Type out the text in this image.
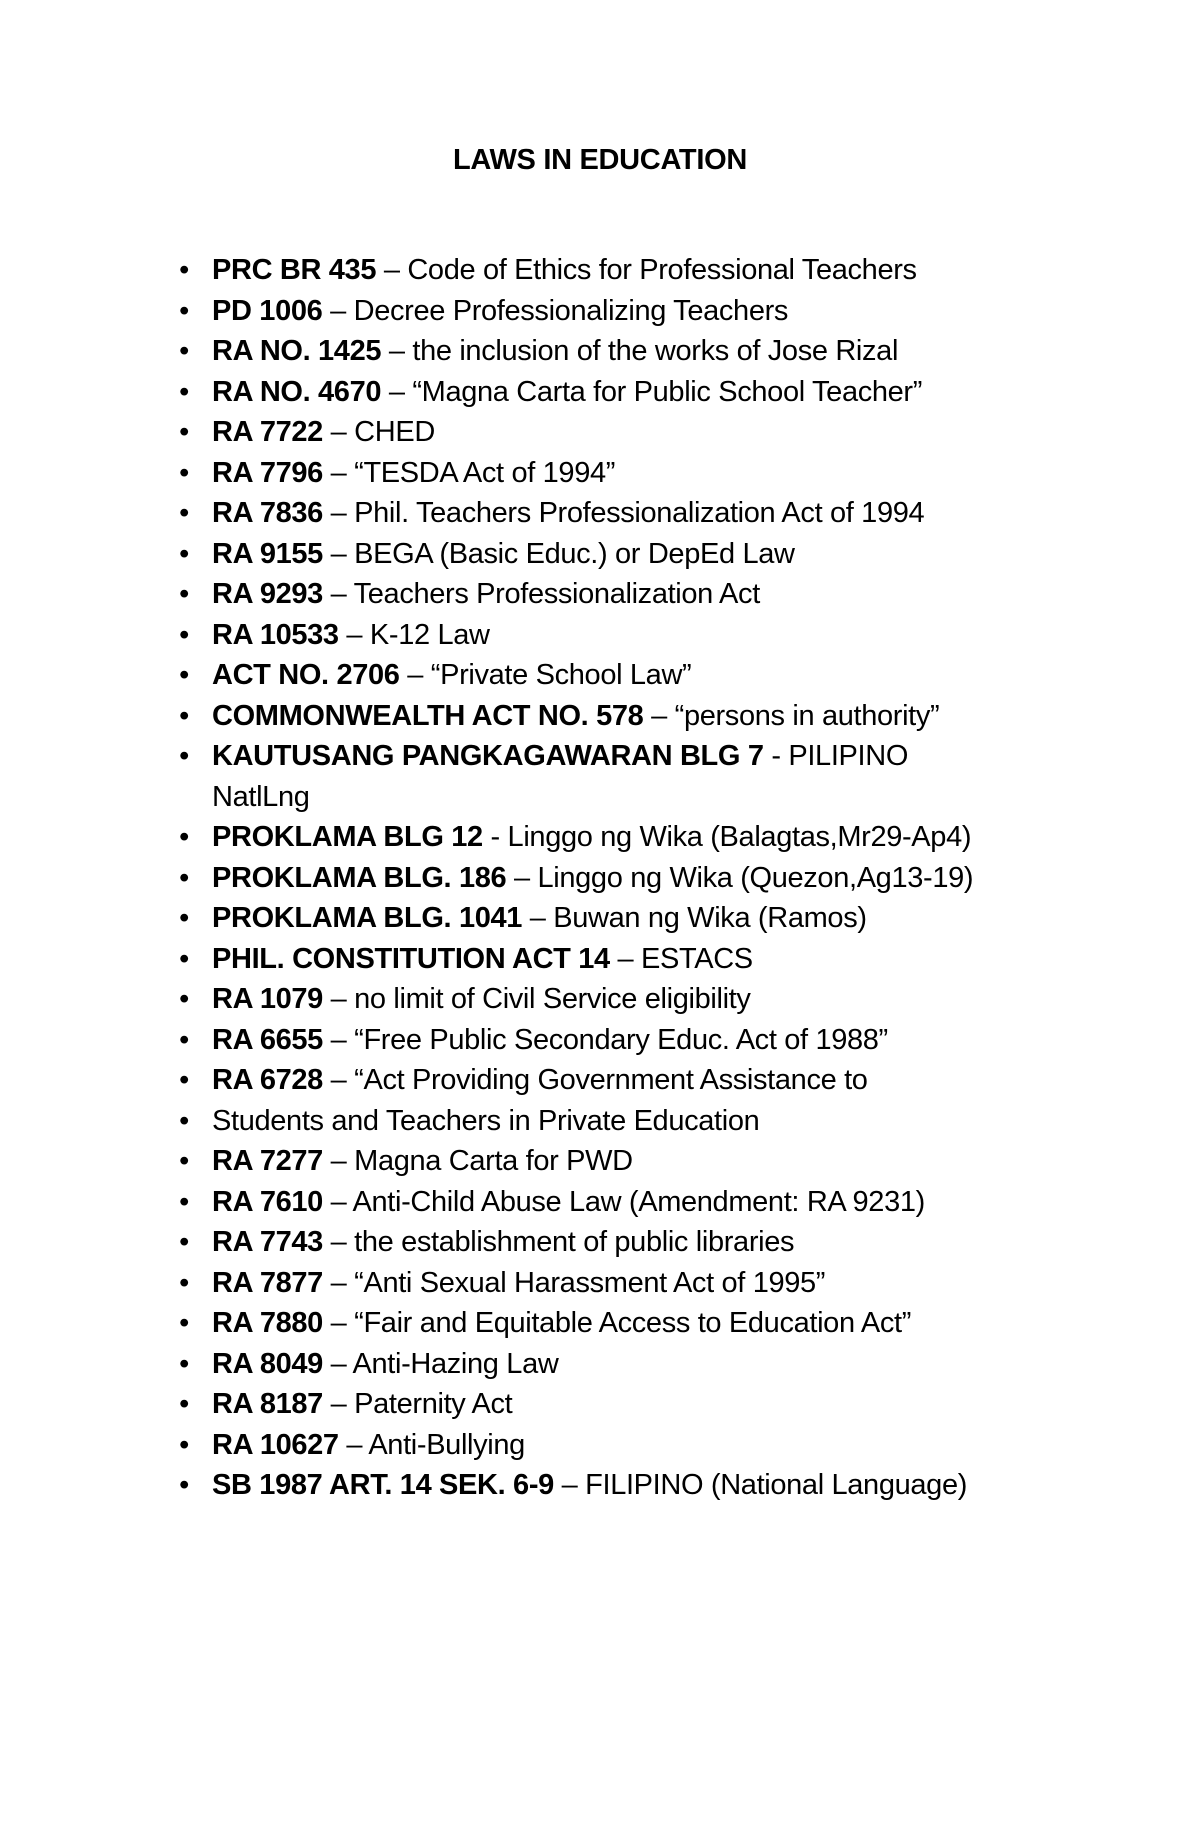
LAWS IN EDUCATION
• PRC BR 435 – Code of Ethics for Professional Teachers
• PD 1006 – Decree Professionalizing Teachers
• RA NO. 1425 – the inclusion of the works of Jose Rizal
• RA NO. 4670 – “Magna Carta for Public School Teacher”
• RA 7722 – CHED
• RA 7796 – “TESDA Act of 1994”
• RA 7836 – Phil. Teachers Professionalization Act of 1994
• RA 9155 – BEGA (Basic Educ.) or DepEd Law
• RA 9293 – Teachers Professionalization Act
• RA 10533 – K-12 Law
• ACT NO. 2706 – “Private School Law”
• COMMONWEALTH ACT NO. 578 – “persons in authority”
• KAUTUSANG PANGKAGAWARAN BLG 7 - PILIPINO NatlLng
• PROKLAMA BLG 12 - Linggo ng Wika (Balagtas,Mr29-Ap4)
• PROKLAMA BLG. 186 – Linggo ng Wika (Quezon,Ag13-19)
• PROKLAMA BLG. 1041 – Buwan ng Wika (Ramos)
• PHIL. CONSTITUTION ACT 14 – ESTACS
• RA 1079 – no limit of Civil Service eligibility
• RA 6655 – “Free Public Secondary Educ. Act of 1988”
• RA 6728 – “Act Providing Government Assistance to
• Students and Teachers in Private Education
• RA 7277 – Magna Carta for PWD
• RA 7610 – Anti-Child Abuse Law (Amendment: RA 9231)
• RA 7743 – the establishment of public libraries
• RA 7877 – “Anti Sexual Harassment Act of 1995”
• RA 7880 – “Fair and Equitable Access to Education Act”
• RA 8049 – Anti-Hazing Law
• RA 8187 – Paternity Act
• RA 10627 – Anti-Bullying
• SB 1987 ART. 14 SEK. 6-9 – FILIPINO (National Language)
